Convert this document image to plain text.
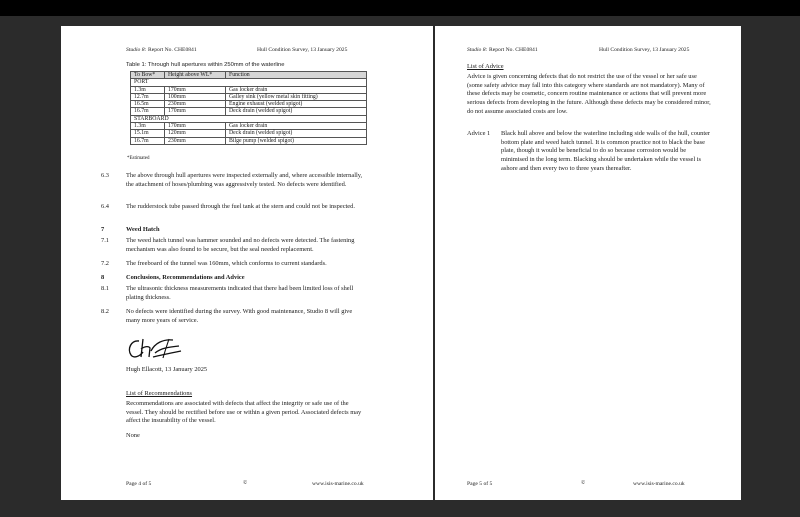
Studio 8: Report No. CHE0841	Hull Condition Survey, 13 January 2025
Table 1: Through hull apertures within 250mm of the waterline
To Bow*	Height above WL*	Function
PORT		
1.3m	170mm	Gas locker drain
12.7m	100mm	Galley sink (yellow metal skin fitting)
16.5m	230mm	Engine exhaust (welded spigot)
16.7m	170mm	Deck drain (welded spigot)
STARBOARD		
1.3m	170mm	Gas locker drain
15.1m	120mm	Deck drain (welded spigot)
16.7m	230mm	Bilge pump (welded spigot)
*Estimated
6.3	The above through hull apertures were inspected externally and, where accessible internally, the attachment of hoses/plumbing was aggressively tested. No defects were identified.
6.4	The rudderstock tube passed through the fuel tank at the stern and could not be inspected.
7	Weed Hatch
7.1	The weed hatch tunnel was hammer sounded and no defects were detected. The fastening mechanism was also found to be secure, but the seal needed replacement.
7.2	The freeboard of the tunnel was 160mm, which conforms to current standards.
8	Conclusions, Recommendations and Advice
8.1	The ultrasonic thickness measurements indicated that there had been limited loss of shell plating thickness.
8.2	No defects were identified during the survey. With good maintenance, Studio 8 will give many more years of service.
Hugh Ellacott, 13 January 2025
List of Recommendations
Recommendations are associated with defects that affect the integrity or safe use of the vessel. They should be rectified before use or within a given period. Associated defects may affect the insurability of the vessel.
None
Page 4 of 5	©	www.isis-marine.co.uk
Studio 8: Report No. CHE0841	Hull Condition Survey, 13 January 2025
List of Advice
Advice is given concerning defects that do not restrict the use of the vessel or her safe use (some safety advice may fall into this category where standards are not mandatory). Many of these defects may be cosmetic, concern routine maintenance or actions that will prevent more serious defects from developing in the future. Although these defects may be considered minor, do not assume associated costs are low.
Advice 1 Black hull above and below the waterline including side walls of the hull, counter bottom plate and weed hatch tunnel. It is common practice not to black the base plate, though it would be beneficial to do so because corrosion would be minimised in the long term. Blacking should be undertaken while the vessel is ashore and then every two to three years thereafter.
Page 5 of 5	©	www.isis-marine.co.uk
